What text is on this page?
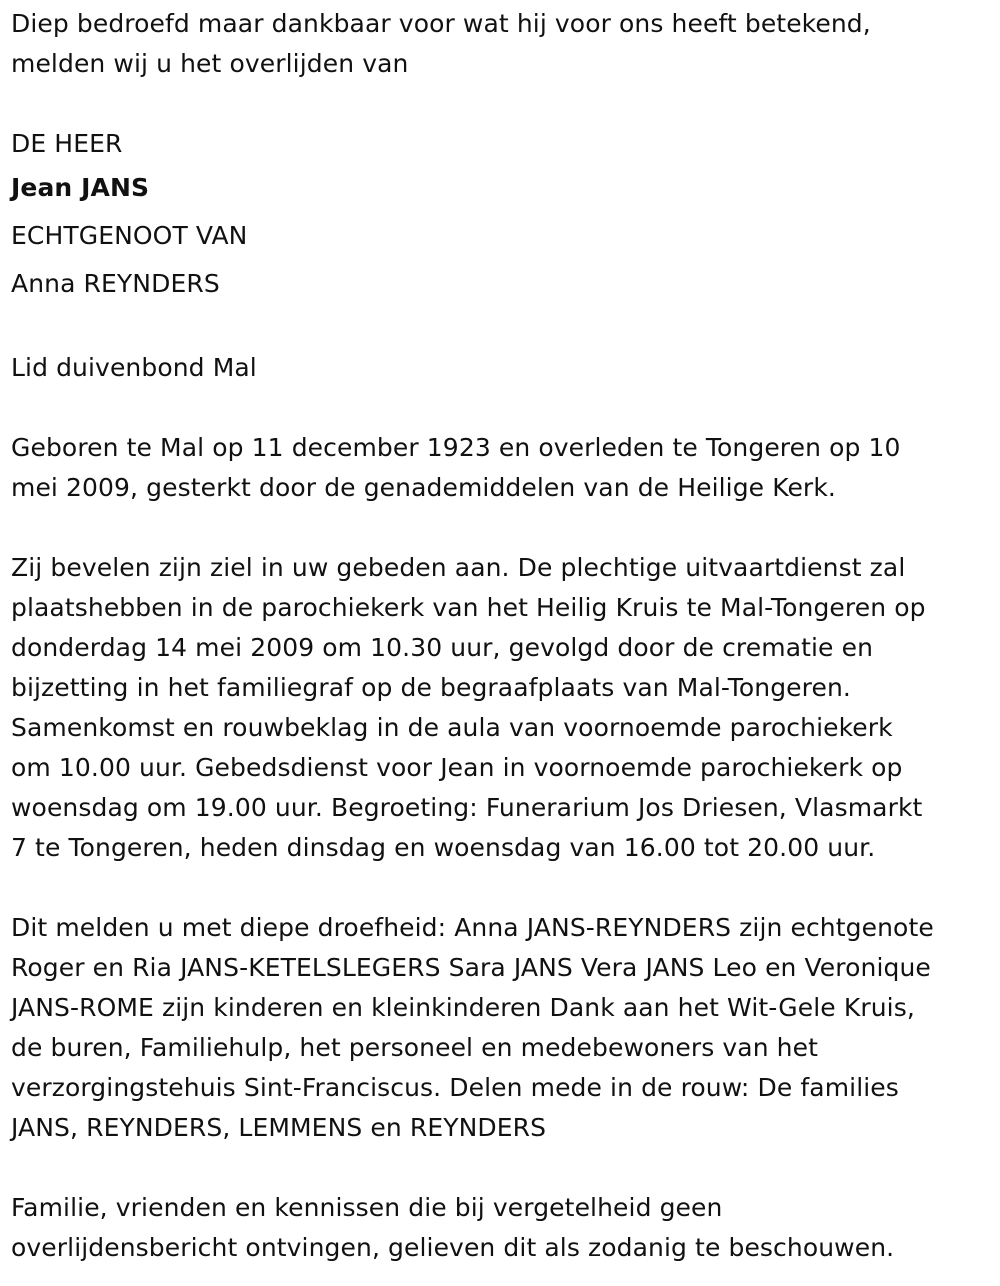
Diep bedroefd maar dankbaar voor wat hij voor ons heeft betekend,
melden wij u het overlijden van
DE HEER
Jean JANS
ECHTGENOOT VAN
Anna REYNDERS
Lid duivenbond Mal
Geboren te Mal op 11 december 1923 en overleden te Tongeren op 10
mei 2009, gesterkt door de genademiddelen van de Heilige Kerk.
Zij bevelen zijn ziel in uw gebeden aan. De plechtige uitvaartdienst zal
plaatshebben in de parochiekerk van het Heilig Kruis te Mal-Tongeren op
donderdag 14 mei 2009 om 10.30 uur, gevolgd door de crematie en
bijzetting in het familiegraf op de begraafplaats van Mal-Tongeren.
Samenkomst en rouwbeklag in de aula van voornoemde parochiekerk
om 10.00 uur. Gebedsdienst voor Jean in voornoemde parochiekerk op
woensdag om 19.00 uur. Begroeting: Funerarium Jos Driesen, Vlasmarkt
7 te Tongeren, heden dinsdag en woensdag van 16.00 tot 20.00 uur.
Dit melden u met diepe droefheid: Anna JANS-REYNDERS zijn echtgenote
Roger en Ria JANS-KETELSLEGERS Sara JANS Vera JANS Leo en Veronique
JANS-ROME zijn kinderen en kleinkinderen Dank aan het Wit-Gele Kruis,
de buren, Familiehulp, het personeel en medebewoners van het
verzorgingstehuis Sint-Franciscus. Delen mede in de rouw: De families
JANS, REYNDERS, LEMMENS en REYNDERS
Familie, vrienden en kennissen die bij vergetelheid geen
overlijdensbericht ontvingen, gelieven dit als zodanig te beschouwen.
